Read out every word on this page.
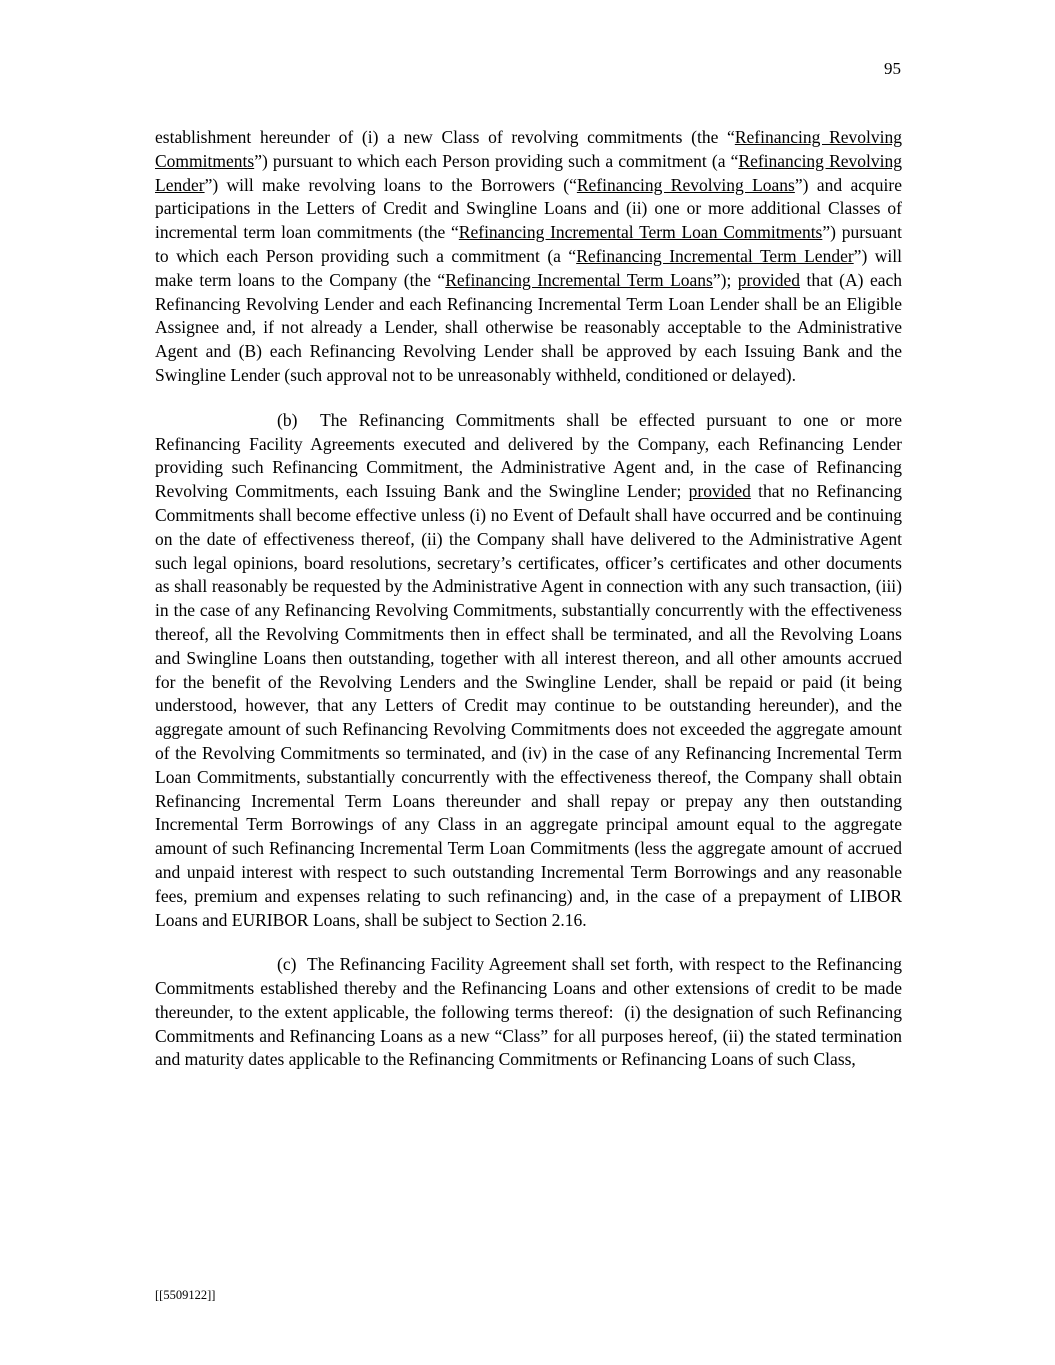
95

establishment hereunder of (i) a new Class of revolving commitments (the “Refinancing Revolving Commitments”) pursuant to which each Person providing such a commitment (a “Refinancing Revolving Lender”) will make revolving loans to the Borrowers (“Refinancing Revolving Loans”) and acquire participations in the Letters of Credit and Swingline Loans and (ii) one or more additional Classes of incremental term loan commitments (the “Refinancing Incremental Term Loan Commitments”) pursuant to which each Person providing such a commitment (a “Refinancing Incremental Term Lender”) will make term loans to the Company (the “Refinancing Incremental Term Loans”); provided that (A) each Refinancing Revolving Lender and each Refinancing Incremental Term Loan Lender shall be an Eligible Assignee and, if not already a Lender, shall otherwise be reasonably acceptable to the Administrative Agent and (B) each Refinancing Revolving Lender shall be approved by each Issuing Bank and the Swingline Lender (such approval not to be unreasonably withheld, conditioned or delayed).

(b)  The Refinancing Commitments shall be effected pursuant to one or more Refinancing Facility Agreements executed and delivered by the Company, each Refinancing Lender providing such Refinancing Commitment, the Administrative Agent and, in the case of Refinancing Revolving Commitments, each Issuing Bank and the Swingline Lender; provided that no Refinancing Commitments shall become effective unless (i) no Event of Default shall have occurred and be continuing on the date of effectiveness thereof, (ii) the Company shall have delivered to the Administrative Agent such legal opinions, board resolutions, secretary’s certificates, officer’s certificates and other documents as shall reasonably be requested by the Administrative Agent in connection with any such transaction, (iii) in the case of any Refinancing Revolving Commitments, substantially concurrently with the effectiveness thereof, all the Revolving Commitments then in effect shall be terminated, and all the Revolving Loans and Swingline Loans then outstanding, together with all interest thereon, and all other amounts accrued for the benefit of the Revolving Lenders and the Swingline Lender, shall be repaid or paid (it being understood, however, that any Letters of Credit may continue to be outstanding hereunder), and the aggregate amount of such Refinancing Revolving Commitments does not exceeded the aggregate amount of the Revolving Commitments so terminated, and (iv) in the case of any Refinancing Incremental Term Loan Commitments, substantially concurrently with the effectiveness thereof, the Company shall obtain Refinancing Incremental Term Loans thereunder and shall repay or prepay any then outstanding Incremental Term Borrowings of any Class in an aggregate principal amount equal to the aggregate amount of such Refinancing Incremental Term Loan Commitments (less the aggregate amount of accrued and unpaid interest with respect to such outstanding Incremental Term Borrowings and any reasonable fees, premium and expenses relating to such refinancing) and, in the case of a prepayment of LIBOR Loans and EURIBOR Loans, shall be subject to Section 2.16.

(c)  The Refinancing Facility Agreement shall set forth, with respect to the Refinancing Commitments established thereby and the Refinancing Loans and other extensions of credit to be made thereunder, to the extent applicable, the following terms thereof:  (i) the designation of such Refinancing Commitments and Refinancing Loans as a new “Class” for all purposes hereof, (ii) the stated termination and maturity dates applicable to the Refinancing Commitments or Refinancing Loans of such Class,

[[5509122]]
